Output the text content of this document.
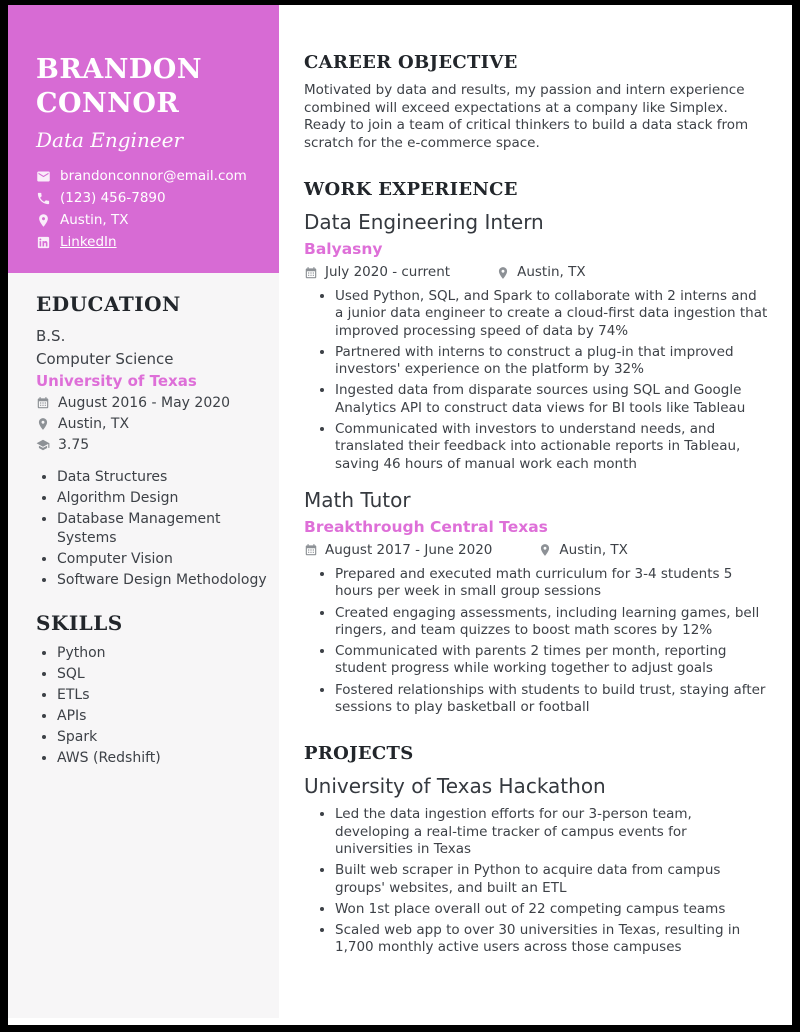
BRANDON
CONNOR
Data Engineer
brandonconnor@email.com
(123) 456-7890
Austin, TX
LinkedIn
EDUCATION
B.S.
Computer Science
University of Texas
August 2016 - May 2020
Austin, TX
3.75
• Data Structures
• Algorithm Design
• Database Management Systems
• Computer Vision
• Software Design Methodology
SKILLS
• Python
• SQL
• ETLs
• APIs
• Spark
• AWS (Redshift)
CAREER OBJECTIVE

Motivated by data and results, my passion and intern experience combined will exceed expectations at a company like Simplex. Ready to join a team of critical thinkers to build a data stack from scratch for the e-commerce space.

WORK EXPERIENCE
Data Engineering Intern
Balyasny
July 2020 - current	Austin, TX
• Used Python, SQL, and Spark to collaborate with 2 interns and a junior data engineer to create a cloud-first data ingestion that improved processing speed of data by 74%
• Partnered with interns to construct a plug-in that improved investors' experience on the platform by 32%
• Ingested data from disparate sources using SQL and Google Analytics API to construct data views for BI tools like Tableau
• Communicated with investors to understand needs, and translated their feedback into actionable reports in Tableau, saving 46 hours of manual work each month
Math Tutor
Breakthrough Central Texas
August 2017 - June 2020	Austin, TX
• Prepared and executed math curriculum for 3-4 students 5 hours per week in small group sessions
• Created engaging assessments, including learning games, bell ringers, and team quizzes to boost math scores by 12%
• Communicated with parents 2 times per month, reporting student progress while working together to adjust goals
• Fostered relationships with students to build trust, staying after sessions to play basketball or football
PROJECTS
University of Texas Hackathon
• Led the data ingestion efforts for our 3-person team, developing a real-time tracker of campus events for universities in Texas
• Built web scraper in Python to acquire data from campus groups' websites, and built an ETL
• Won 1st place overall out of 22 competing campus teams
• Scaled web app to over 30 universities in Texas, resulting in 1,700 monthly active users across those campuses
